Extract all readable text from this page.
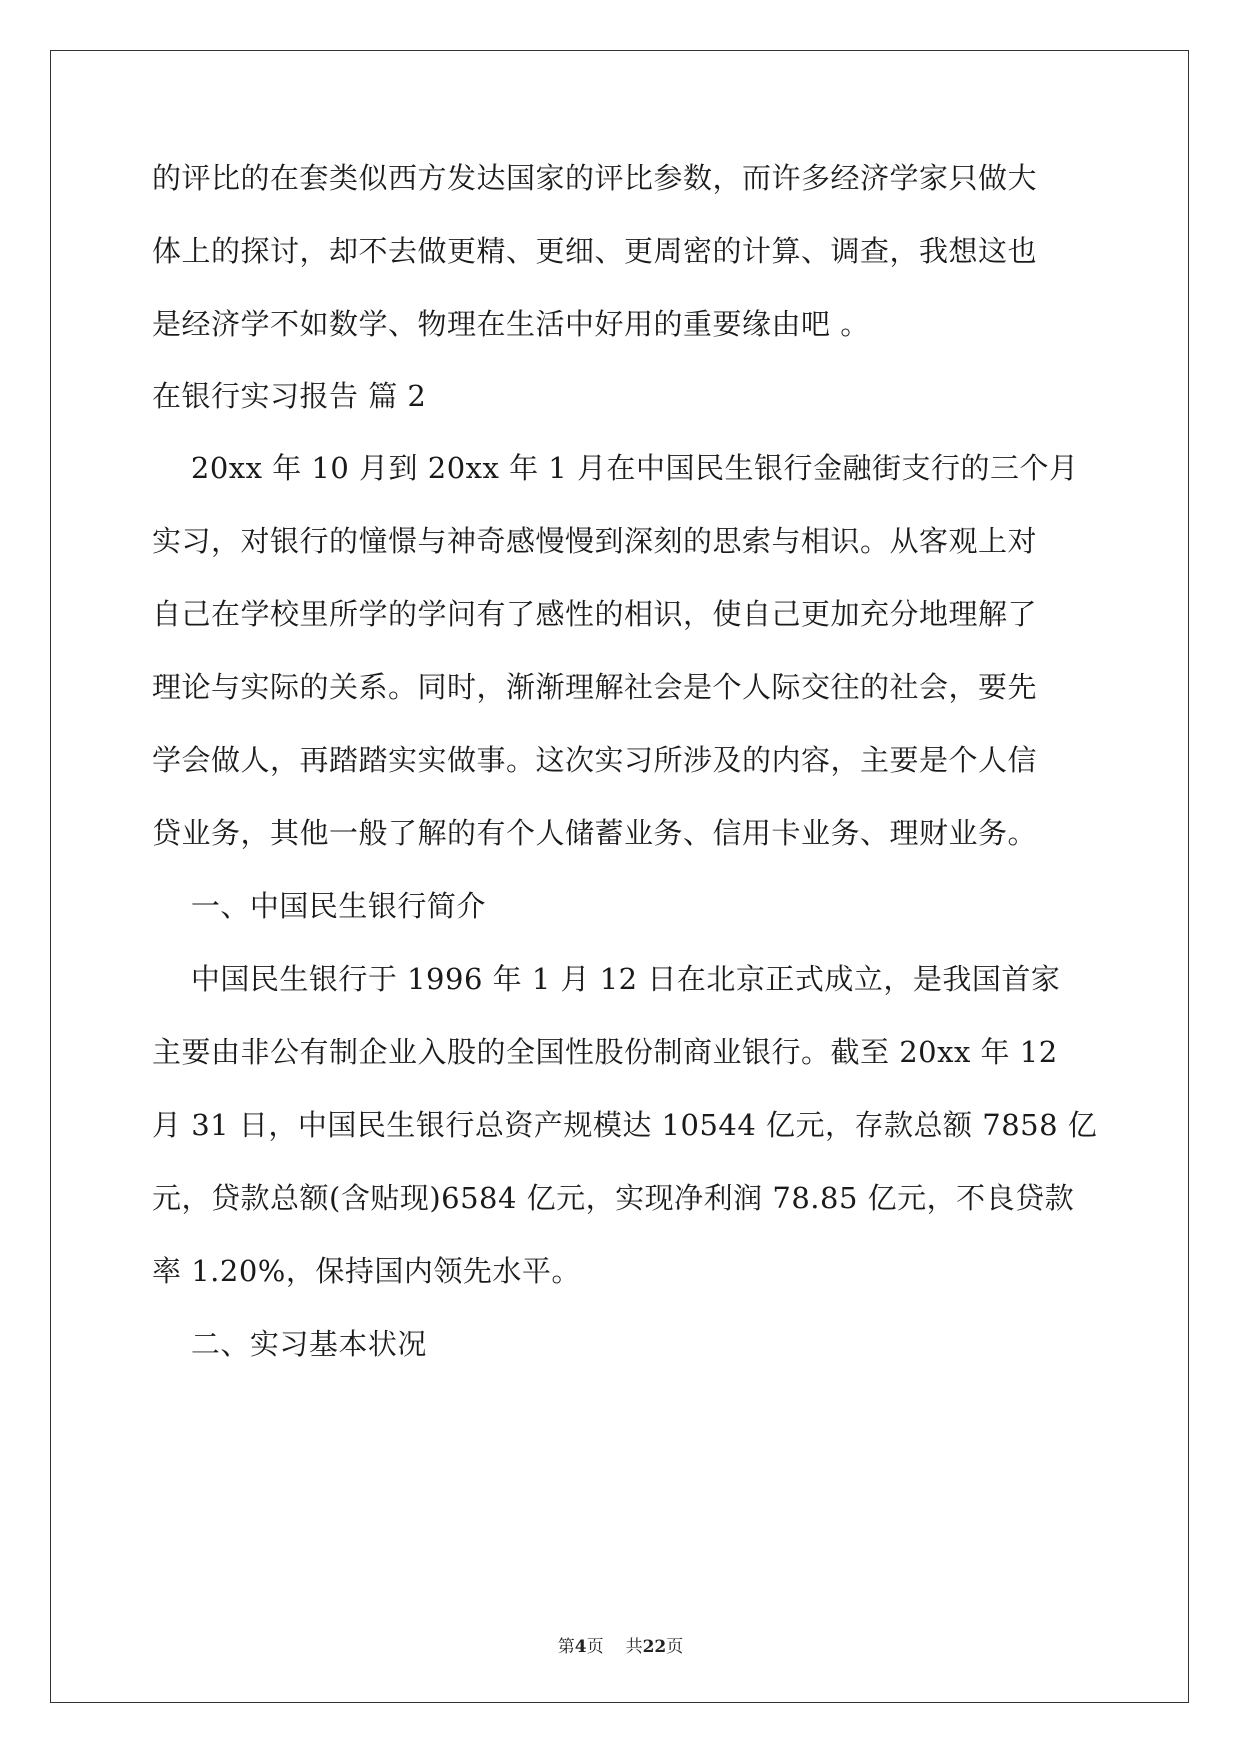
的评比的在套类似西方发达国家的评比参数，而许多经济学家只做大
体上的探讨，却不去做更精、更细、更周密的计算、调查，我想这也
是经济学不如数学、物理在生活中好用的重要缘由吧 。
在银行实习报告 篇 2
20xx 年 10 月到 20xx 年 1 月在中国民生银行金融街支行的三个月
实习，对银行的憧憬与神奇感慢慢到深刻的思索与相识。从客观上对
自己在学校里所学的学问有了感性的相识，使自己更加充分地理解了
理论与实际的关系。同时，渐渐理解社会是个人际交往的社会，要先
学会做人，再踏踏实实做事。这次实习所涉及的内容，主要是个人信
贷业务，其他一般了解的有个人储蓄业务、信用卡业务、理财业务。
一、中国民生银行简介
中国民生银行于 1996 年 1 月 12 日在北京正式成立，是我国首家
主要由非公有制企业入股的全国性股份制商业银行。截至 20xx 年 12
月 31 日，中国民生银行总资产规模达 10544 亿元，存款总额 7858 亿
元，贷款总额(含贴现)6584 亿元，实现净利润 78.85 亿元，不良贷款
率 1.20%，保持国内领先水平。
二、实习基本状况
第4页 共22页
